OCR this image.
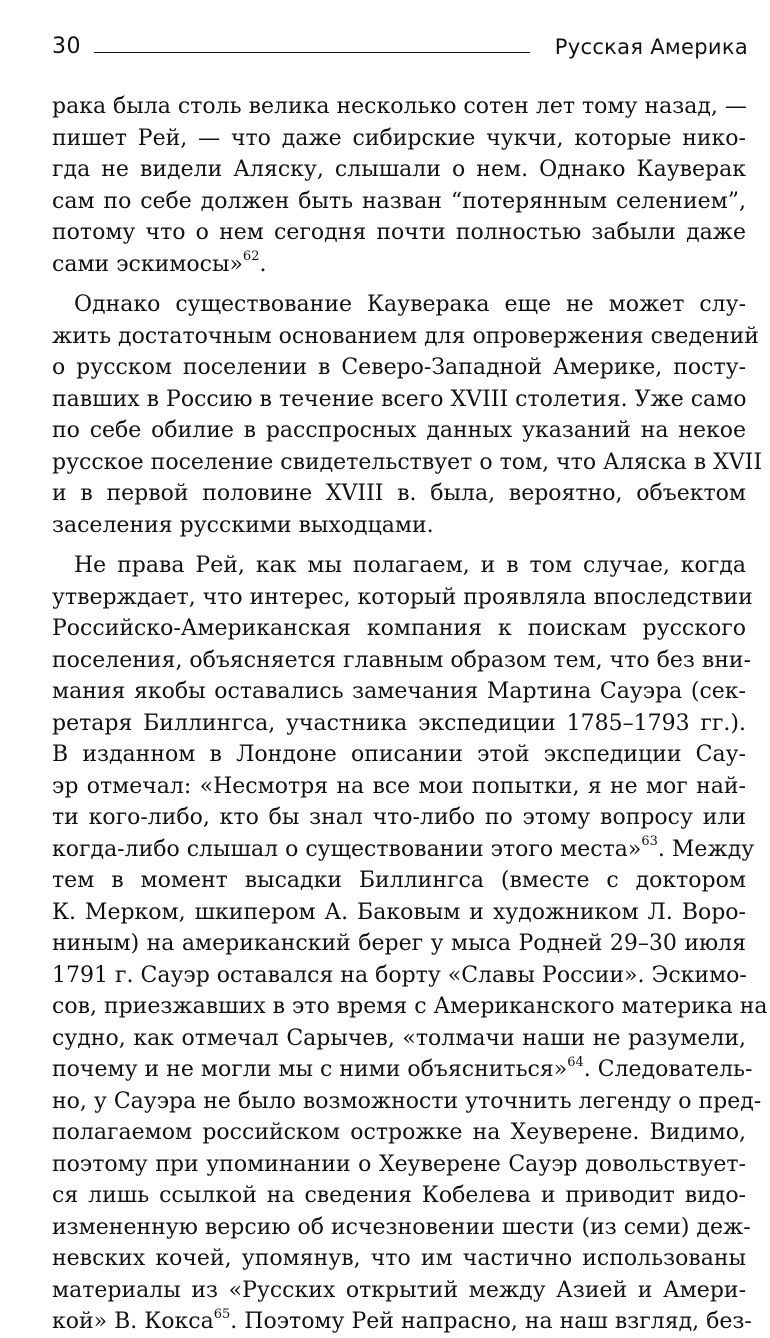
30	Русская Америка
рака была столь велика несколько сотен лет тому назад, —
пишет Рей, — что даже сибирские чукчи, которые нико-
гда не видели Аляску, слышали о нем. Однако Кауверак
сам по себе должен быть назван “потерянным селением”,
потому что о нем сегодня почти полностью забыли даже
сами эскимосы»$^{62}$.
Однако существование Кауверака еще не может слу-
жить достаточным основанием для опровержения сведений
о русском поселении в Северо-Западной Америке, посту-
павших в Россию в течение всего XVIII столетия. Уже само
по себе обилие в расспросных данных указаний на некое
русское поселение свидетельствует о том, что Аляска в XVII
и в первой половине XVIII в. была, вероятно, объектом
заселения русскими выходцами.
Не права Рей, как мы полагаем, и в том случае, когда
утверждает, что интерес, который проявляла впоследствии
Российско-Американская компания к поискам русского
поселения, объясняется главным образом тем, что без вни-
мания якобы оставались замечания Мартина Сауэра (сек-
ретаря Биллингса, участника экспедиции 1785–1793 гг.).
В изданном в Лондоне описании этой экспедиции Сау-
эр отмечал: «Несмотря на все мои попытки, я не мог най-
ти кого-либо, кто бы знал что-либо по этому вопросу или
когда-либо слышал о существовании этого места»$^{63}$. Между
тем в момент высадки Биллингса (вместе с доктором
К. Мерком, шкипером А. Баковым и художником Л. Воро-
ниным) на американский берег у мыса Родней 29–30 июля
1791 г. Сауэр оставался на борту «Славы России». Эскимо-
сов, приезжавших в это время с Американского материка на
судно, как отмечал Сарычев, «толмачи наши не разумели,
почему и не могли мы с ними объясниться»$^{64}$. Следователь-
но, у Сауэра не было возможности уточнить легенду о пред-
полагаемом российском острожке на Хеуверене. Видимо,
поэтому при упоминании о Хеуверене Сауэр довольствует-
ся лишь ссылкой на сведения Кобелева и приводит видо-
измененную версию об исчезновении шести (из семи) деж-
невских кочей, упомянув, что им частично использованы
материалы из «Русских открытий между Азией и Амери-
кой» В. Кокса$^{65}$. Поэтому Рей напрасно, на наш взгляд, без-
